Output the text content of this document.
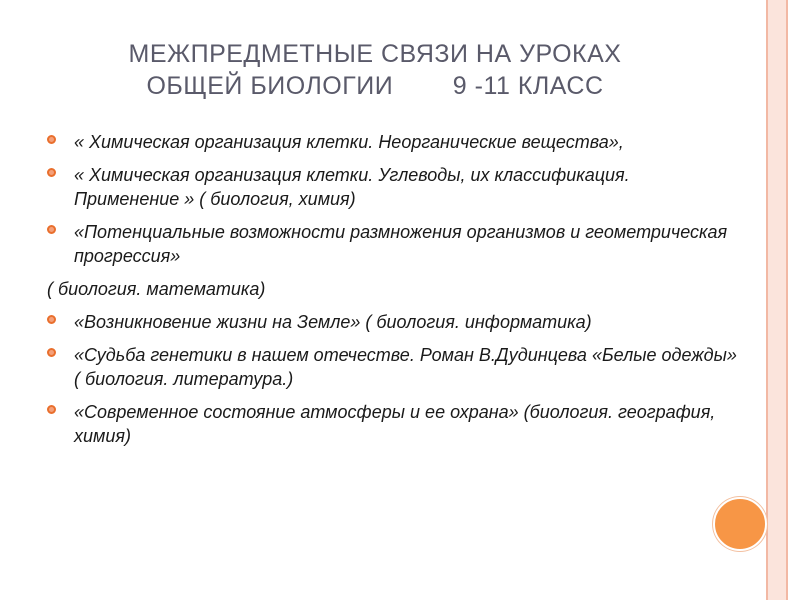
МЕЖПРЕДМЕТНЫЕ СВЯЗИ НА УРОКАХ
ОБЩЕЙ БИОЛОГИИ        9 -11 КЛАСС
« Химическая организация клетки. Неорганические вещества»,
« Химическая организация клетки. Углеводы, их классификация. Применение » ( биология, химия)
«Потенциальные возможности размножения организмов и геометрическая прогрессия»
( биология. математика)
«Возникновение жизни на Земле» ( биология. информатика)
«Судьба генетики в нашем отечестве. Роман В.Дудинцева «Белые одежды» ( биология. литература.)
«Современное состояние атмосферы и ее охрана» (биология. география, химия)
